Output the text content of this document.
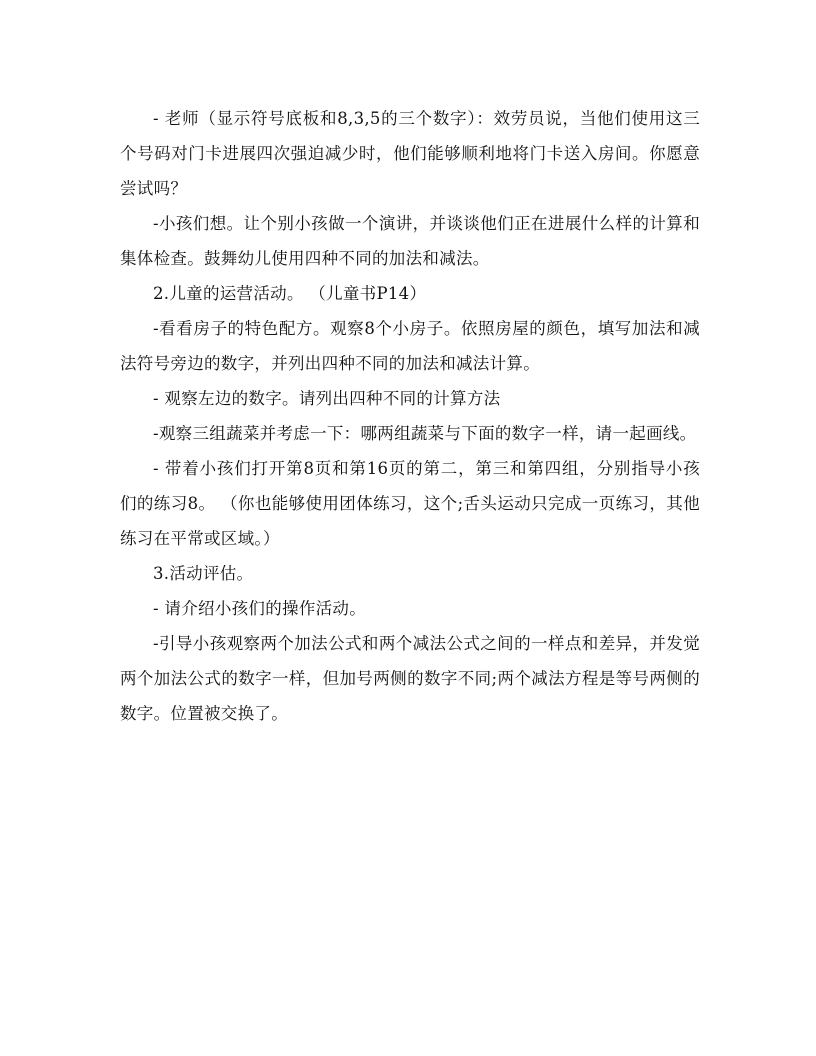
- 老师（显示符号底板和8,3,5的三个数字）：效劳员说，当他们使用这三个号码对门卡进展四次强迫减少时，他们能够顺利地将门卡送入房间。你愿意尝试吗？

-小孩们想。让个别小孩做一个演讲，并谈谈他们正在进展什么样的计算和集体检查。鼓舞幼儿使用四种不同的加法和减法。

2.儿童的运营活动。 （儿童书P14）

-看看房子的特色配方。观察8个小房子。依照房屋的颜色，填写加法和减法符号旁边的数字，并列出四种不同的加法和减法计算。

- 观察左边的数字。请列出四种不同的计算方法

-观察三组蔬菜并考虑一下：哪两组蔬菜与下面的数字一样，请一起画线。

- 带着小孩们打开第8页和第16页的第二，第三和第四组，分别指导小孩们的练习8。 （你也能够使用团体练习，这个;舌头运动只完成一页练习，其他练习在平常或区域。）

3.活动评估。

- 请介绍小孩们的操作活动。

-引导小孩观察两个加法公式和两个减法公式之间的一样点和差异，并发觉两个加法公式的数字一样，但加号两侧的数字不同;两个减法方程是等号两侧的数字。位置被交换了。
